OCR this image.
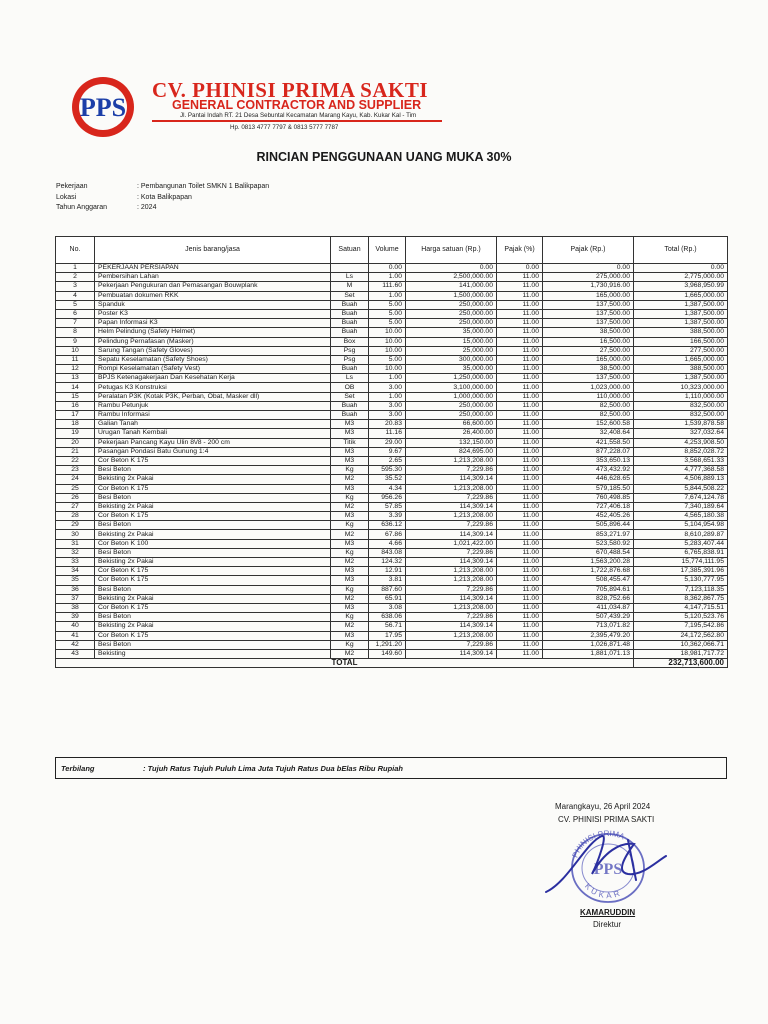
PPS
CV. PHINISI PRIMA SAKTI
GENERAL CONTRACTOR AND SUPPLIER
Jl. Pantai Indah RT. 21 Desa Sebuntal Kecamatan Marang Kayu, Kab. Kukar Kal - Tim
Hp. 0813 4777 7797 & 0813 5777 7787
RINCIAN PENGGUNAAN UANG MUKA 30%
Pekerjaan	: Pembangunan Toilet SMKN 1 Balikpapan
Lokasi	: Kota Balikpapan
Tahun Anggaran	: 2024
No.	Jenis barang/jasa	Satuan	Volume	Harga satuan (Rp.)	Pajak (%)	Pajak (Rp.)	Total (Rp.)
1	PEKERJAAN PERSIAPAN		0.00	0.00	0.00	0.00	0.00
2	Pembersihan Lahan	Ls	1.00	2,500,000.00	11.00	275,000.00	2,775,000.00
3	Pekerjaan Pengukuran dan Pemasangan Bouwplank	M	111.60	141,000.00	11.00	1,730,916.00	3,968,950.99
4	Pembuatan dokumen RKK	Set	1.00	1,500,000.00	11.00	165,000.00	1,665,000.00
5	Spanduk	Buah	5.00	250,000.00	11.00	137,500.00	1,387,500.00
6	Poster K3	Buah	5.00	250,000.00	11.00	137,500.00	1,387,500.00
7	Papan Informasi K3	Buah	5.00	250,000.00	11.00	137,500.00	1,387,500.00
8	Helm Pelindung (Safety Helmet)	Buah	10.00	35,000.00	11.00	38,500.00	388,500.00
9	Pelindung Pernafasan (Masker)	Box	10.00	15,000.00	11.00	16,500.00	166,500.00
10	Sarung Tangan (Safety Gloves)	Psg	10.00	25,000.00	11.00	27,500.00	277,500.00
11	Sepatu Keselamatan (Safety Shoes)	Psg	5.00	300,000.00	11.00	165,000.00	1,665,000.00
12	Rompi Keselamatan (Safety Vest)	Buah	10.00	35,000.00	11.00	38,500.00	388,500.00
13	BPJS Ketenagakerjaan Dan Kesehatan Kerja	Ls	1.00	1,250,000.00	11.00	137,500.00	1,387,500.00
14	Petugas K3 Konstruksi	OB	3.00	3,100,000.00	11.00	1,023,000.00	10,323,000.00
15	Peralatan P3K (Kotak P3K, Perban, Obat, Masker dll)	Set	1.00	1,000,000.00	11.00	110,000.00	1,110,000.00
16	Rambu Petunjuk	Buah	3.00	250,000.00	11.00	82,500.00	832,500.00
17	Rambu Informasi	Buah	3.00	250,000.00	11.00	82,500.00	832,500.00
18	Galian Tanah	M3	20.83	66,600.00	11.00	152,600.58	1,539,878.58
19	Urugan Tanah Kembali	M3	11.16	26,400.00	11.00	32,408.64	327,032.64
20	Pekerjaan Pancang Kayu Ulin 8\/8 - 200 cm	Titik	29.00	132,150.00	11.00	421,558.50	4,253,908.50
21	Pasangan Pondasi Batu Gunung 1:4	M3	9.67	824,695.00	11.00	877,228.07	8,852,028.72
22	Cor Beton K 175	M3	2.65	1,213,208.00	11.00	353,650.13	3,568,651.33
23	Besi Beton	Kg	595.30	7,229.86	11.00	473,432.92	4,777,368.58
24	Bekisting 2x Pakai	M2	35.52	114,309.14	11.00	446,628.65	4,506,889.13
25	Cor Beton K 175	M3	4.34	1,213,208.00	11.00	579,185.50	5,844,508.22
26	Besi Beton	Kg	956.26	7,229.86	11.00	760,498.85	7,674,124.78
27	Bekisting 2x Pakai	M2	57.85	114,309.14	11.00	727,406.18	7,340,189.64
28	Cor Beton K 175	M3	3.39	1,213,208.00	11.00	452,405.26	4,565,180.38
29	Besi Beton	Kg	636.12	7,229.86	11.00	505,896.44	5,104,954.98
30	Bekisting 2x Pakai	M2	67.86	114,309.14	11.00	853,271.97	8,610,289.87
31	Cor Beton K 100	M3	4.66	1,021,422.00	11.00	523,580.92	5,283,407.44
32	Besi Beton	Kg	843.08	7,229.86	11.00	670,488.54	6,765,838.91
33	Bekisting 2x Pakai	M2	124.32	114,309.14	11.00	1,563,200.28	15,774,111.95
34	Cor Beton K 175	M3	12.91	1,213,208.00	11.00	1,722,876.68	17,385,391.96
35	Cor Beton K 175	M3	3.81	1,213,208.00	11.00	508,455.47	5,130,777.95
36	Besi Beton	Kg	887.60	7,229.86	11.00	705,894.61	7,123,118.35
37	Bekisting 2x Pakai	M2	65.91	114,309.14	11.00	828,752.66	8,362,867.75
38	Cor Beton K 175	M3	3.08	1,213,208.00	11.00	411,034.87	4,147,715.51
39	Besi Beton	Kg	638.06	7,229.86	11.00	507,439.29	5,120,523.76
40	Bekisting 2x Pakai	M2	56.71	114,309.14	11.00	713,071.82	7,195,542.86
41	Cor Beton K 175	M3	17.95	1,213,208.00	11.00	2,395,479.20	24,172,562.80
42	Besi Beton	Kg	1,291.20	7,229.86	11.00	1,026,871.48	10,362,066.71
43	Bekisting	M2	149.60	114,309.14	11.00	1,881,071.13	18,981,717.72
TOTAL							232,713,600.00
Terbilang	: Tujuh Ratus Tujuh Puluh Lima Juta Tujuh Ratus Dua bElas Ribu Rupiah
Marangkayu, 26 April 2024
CV. PHINISI PRIMA SAKTI
PHINISI PRIMA
KUKAR
PPS
KAMARUDDIN
Direktur
